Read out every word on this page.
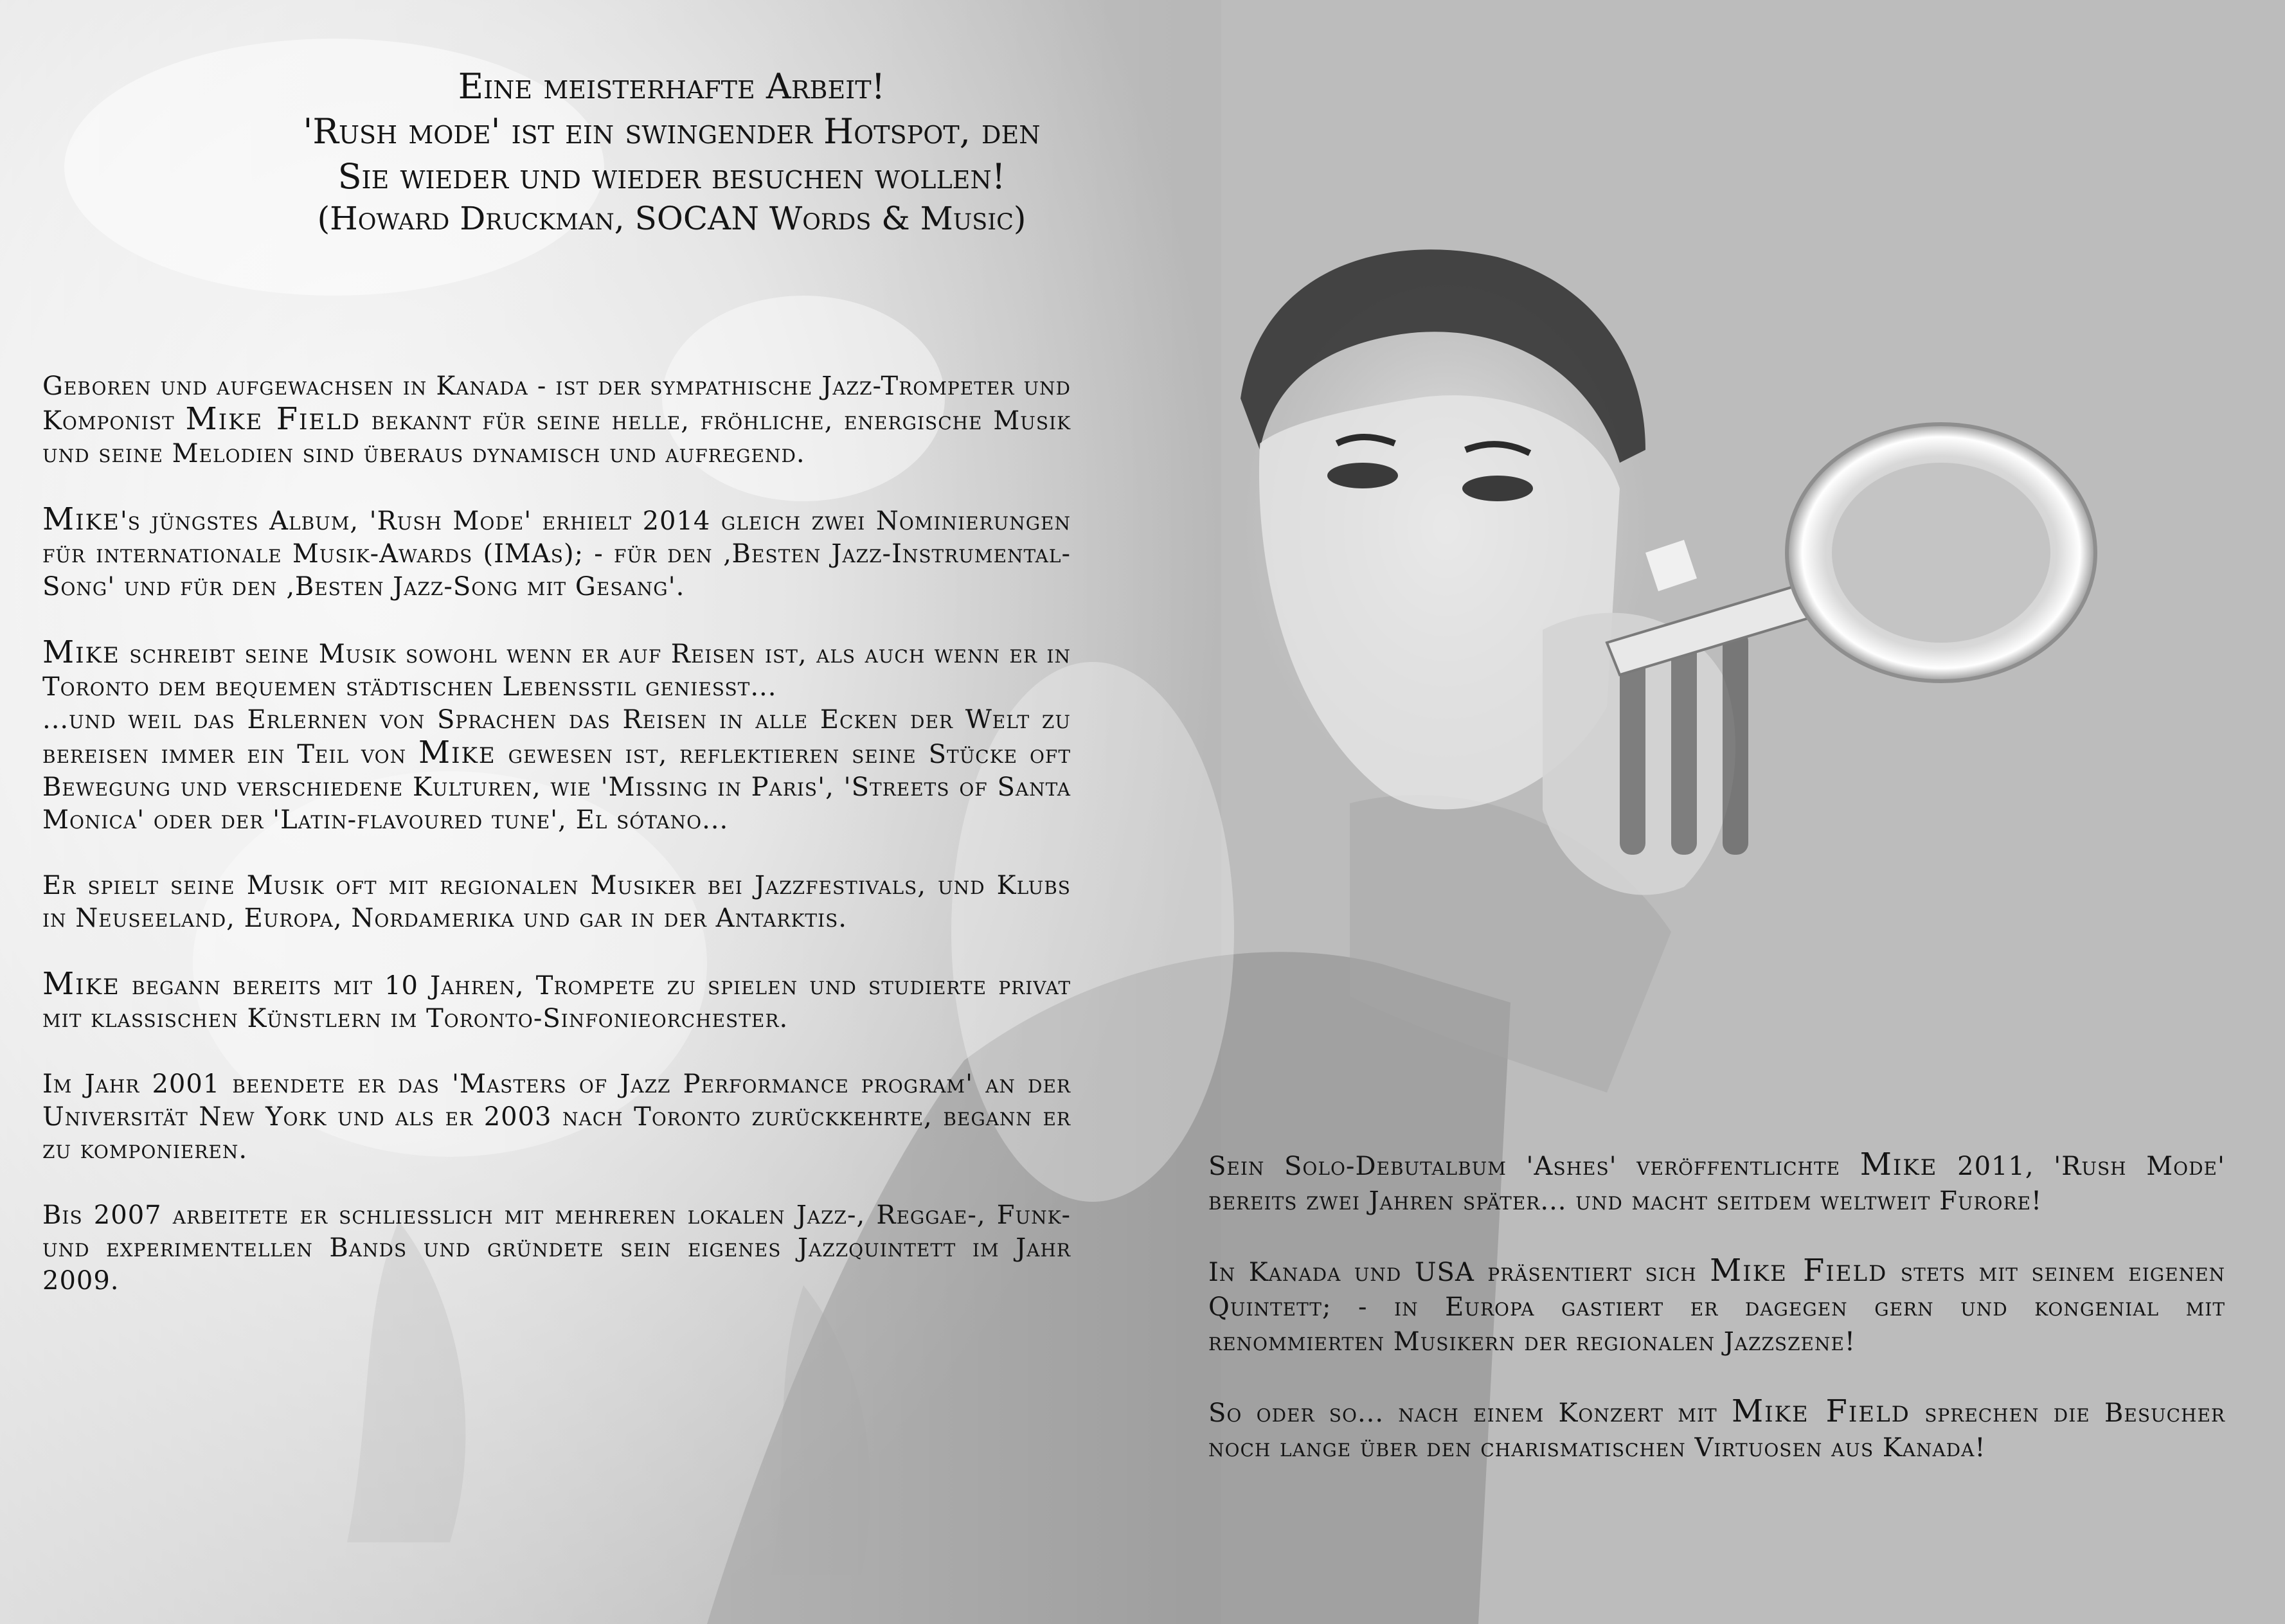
Eine meisterhafte Arbeit!
'Rush mode' ist ein swingender Hotspot, den
Sie wieder und wieder besuchen wollen!
(Howard Druckman, SOCAN Words & Music)

Geboren und aufgewachsen in Kanada - ist der sympathische Jazz-Trompeter und Komponist Mike Field bekannt für seine helle, fröhliche, energische Musik und seine Melodien sind überaus dynamisch und aufregend.

Mike's jüngstes Album, 'Rush Mode' erhielt 2014 gleich zwei Nominierungen für internationale Musik-Awards (IMAs); - für den ‚Besten Jazz-Instrumental-Song' und für den ‚Besten Jazz-Song mit Gesang'.

Mike schreibt seine Musik sowohl wenn er auf Reisen ist, als auch wenn er in Toronto dem bequemen städtischen Lebensstil geniesst...

...und weil das Erlernen von Sprachen das Reisen in alle Ecken der Welt zu bereisen immer ein Teil von Mike gewesen ist, reflektieren seine Stücke oft Bewegung und verschiedene Kulturen, wie 'Missing in Paris', 'Streets of Santa Monica' oder der 'Latin-flavoured tune', El sótano...

Er spielt seine Musik oft mit regionalen Musiker bei Jazzfestivals, und Klubs in Neuseeland, Europa, Nordamerika und gar in der Antarktis.

Mike begann bereits mit 10 Jahren, Trompete zu spielen und studierte privat mit klassischen Künstlern im Toronto-Sinfonieorchester.

Im Jahr 2001 beendete er das 'Masters of Jazz Performance program' an der Universität New York und als er 2003 nach Toronto zurückkehrte, begann er zu komponieren.

Bis 2007 arbeitete er schliesslich mit mehreren lokalen Jazz-, Reggae-, Funk- und experimentellen Bands und gründete sein eigenes Jazzquintett im Jahr 2009.

Sein Solo-Debutalbum 'Ashes' veröffentlichte Mike 2011, 'Rush Mode' bereits zwei Jahren später... und macht seitdem weltweit Furore!

In Kanada und USA präsentiert sich Mike Field stets mit seinem eigenen Quintett; - in Europa gastiert er dagegen gern und kongenial mit renommierten Musikern der regionalen Jazzszene!

So oder so... nach einem Konzert mit Mike Field sprechen die Besucher noch lange über den charismatischen Virtuosen aus Kanada!
